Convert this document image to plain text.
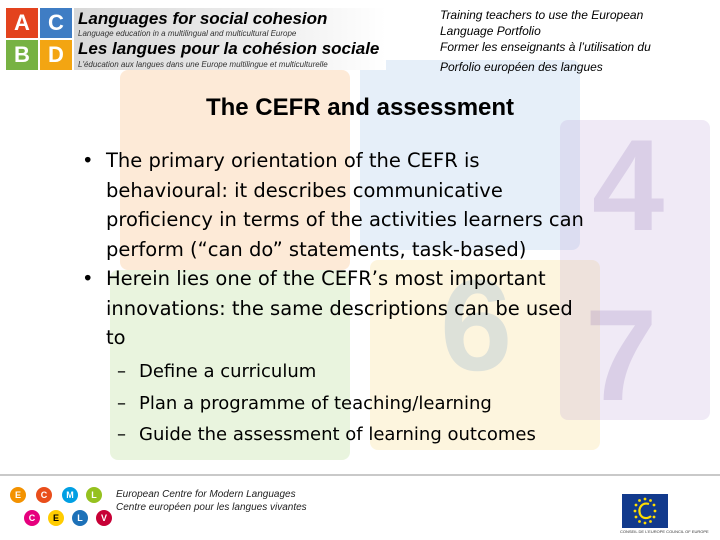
4
6 7
A C
B D
Languages for social cohesion
Language education in a multilingual and multicultural Europe
Les langues pour la cohésion sociale
L'éducation aux langues dans une Europe multilingue et multiculturelle
Training teachers to use the European
Language Portfolio
Former les enseignants à l’utilisation du
Porfolio européen des langues
The CEFR and assessment
• The primary orientation of the CEFR is
behavioural: it describes communicative
proficiency in terms of the activities learners can
perform (“can do” statements, task-based)
• Herein lies one of the CEFR’s most important
innovations: the same descriptions can be used
to
– Define a curriculum
– Plan a programme of teaching/learning
– Guide the assessment of learning outcomes
E	C	M	L
C	E	L	V
European Centre for Modern Languages
Centre européen pour les langues vivantes
CONSEIL DE L'EUROPE COUNCIL OF EUROPE
